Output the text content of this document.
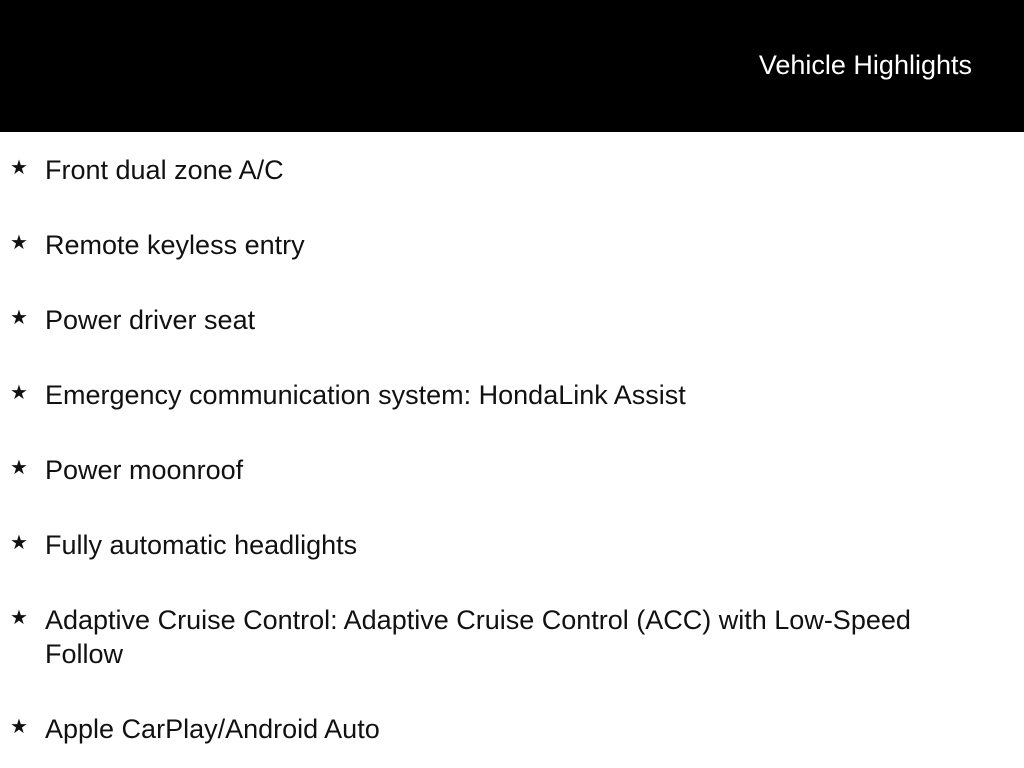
Vehicle Highlights
★ Front dual zone A/C
★ Remote keyless entry
★ Power driver seat
★ Emergency communication system: HondaLink Assist
★ Power moonroof
★ Fully automatic headlights
★ Adaptive Cruise Control: Adaptive Cruise Control (ACC) with Low-Speed Follow
★ Apple CarPlay/Android Auto
